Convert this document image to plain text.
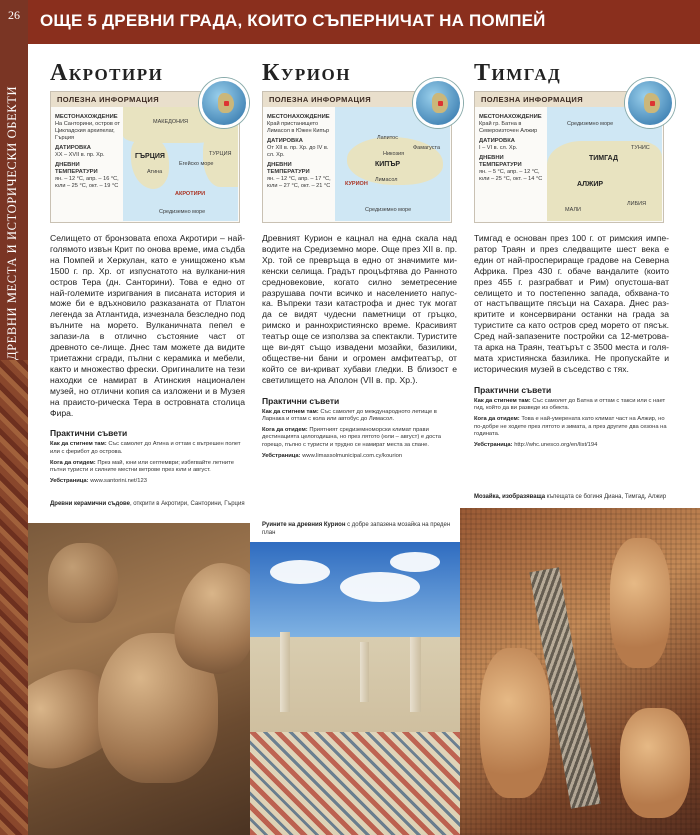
26
ДРЕВНИ МЕСТА И ИСТОРИЧЕСКИ ОБЕКТИ
ОЩЕ 5 ДРЕВНИ ГРАДА, КОИТО СЪПЕРНИЧАТ НА ПОМПЕЙ
Акротири
ПОЛЕЗНА ИНФОРМАЦИЯ
МЕСТОНАХОЖДЕНИЕ
На Санторини, остров от Цикладския архипелаг, Гърция
ДАТИРОВКА
XX – XVII в. пр. Хр.
ДНЕВНИ ТЕМПЕРАТУРИ
ян. – 12 °С, апр. – 16 °С, юли – 25 °С, окт. – 19 °С
МАКЕДОНИЯ
ТУРЦИЯ
ГЪРЦИЯ
Атина
Егейско море
АКРОТИРИ
Средиземно море

Селището от бронзовата епоха Акротири – най-голямото извън Крит по онова време, има съдба на Помпей и Херкулан, като е унищожено към 1500 г. пр. Хр. от изпуснатото на вулкани-ния остров Тера (дн. Санторини). Това е едно от най-големите изригвания в писаната история и може би е вдъхновило разказаната от Платон легенда за Атлантида, изчезнала безследно под вълните на морето. Вулканичната пепел е запази-ла в отлично състояние част от древното се-лище. Днес там можете да видите триетажни сгради, пълни с керамика и мебели, както и множество фрески. Оригиналите на тези находки се намират в Атинския национален музей, но отлични копия са изложени и в Музея на праисто-рическа Тера в островната столица Фира.

Практични съвети

Как да стигнем там: Със самолет до Атина и оттам с вътрешен полет или с ферибот до острова.

Кога да отидем: През май, юни или септември; избягвайте летните пътни туристи и силните местни ветрове през юли и август.

Уебстраница: www.santorini.net/123

Курион
ПОЛЕЗНА ИНФОРМАЦИЯ
МЕСТОНАХОЖДЕНИЕ
Край пристанището Лимасол в Южен Кипър
ДАТИРОВКА
От XII в. пр. Хр. до IV в. сл. Хр.
ДНЕВНИ ТЕМПЕРАТУРИ
ян. – 12 °С, апр. – 17 °С, юли – 27 °С, окт. – 21 °С
Лапитос
Никозия
КИПЪР
Фамагуста
Лимасол
КУРИОН
Средиземно море

Древният Курион е кацнал на една скала над водите на Средиземно море. Още през XII в. пр. Хр. той се превръща в едно от значимите ми-кенски селища. Градът процъфтява до Ранното средновековие, когато силно земетресение разрушава почти всичко и населението напус-ка. Въпреки тази катастрофа и днес тук могат да се видят чудесни паметници от гръцко, римско и раннохристиянско време. Красивият театър още се използва за спектакли. Туристите ще ви-дят също извадени мозайки, базилики, обществе-ни бани и огромен амфитеатър, от който се ви-криват хубави гледки. В близост е светилището на Аполон (VII в. пр. Хр.).

Практични съвети

Как да стигнем там: Със самолет до международното летище в Ларнака и оттам с кола или автобус до Лимасол.

Кога да отидем: Приятният средиземноморски климат прави дестинацията целогодишна, но през лятото (юли – август) е доста горещо, пълно с туристи и трудно се намират места за спане.

Уебстраница: www.limassolmunicipal.com.cy/kourion

Тимгад
ПОЛЕЗНА ИНФОРМАЦИЯ
МЕСТОНАХОЖДЕНИЕ
Край гр. Батна в Североизточен Алжир
ДАТИРОВКА
I – VI в. сл. Хр.
ДНЕВНИ ТЕМПЕРАТУРИ
ян. – 5 °С, апр. – 12 °С, юли – 25 °С, окт. – 14 °С
Средиземно море
ТУНИС
ТИМГАД
АЛЖИР
МАЛИ
ЛИБИЯ

Тимгад е основан през 100 г. от римския импе-ратор Траян и през следващите шест века е един от най-просперираще градове на Северна Африка. През 430 г. обаче вандалите (които през 455 г. разграбват и Рим) опустоша-ват селището и то постепенно запада, обхвана-то от настъпващите пясъци на Сахара. Днес раз-критите и консервирани останки на града за туристите са като остров сред морето от пясък. Сред най-запазените постройки са 12-метрова-та арка на Траян, театърът с 3500 места и голя-мата християнска базилика. Не пропускайте и историческия музей в съседство с тях.

Практични съвети

Как да стигнем там: Със самолет до Батна и оттам с такси или с нает гид, който да ви разведе из обекта.

Кога да отидем: Това е най-умерената като климат част на Алжир, но по-добре не ходете през лятото и зимата, а през другите два сезона на годината.

Уебстраница: http://whc.unesco.org/en/list/194

Древни керамични съдове, открити в Акротири, Санторини, Гърция
Руините на древния Курион с добре запазена мозайка на преден план
Мозайка, изобразяваща къпещата се богиня Диана, Тимгад, Алжир
